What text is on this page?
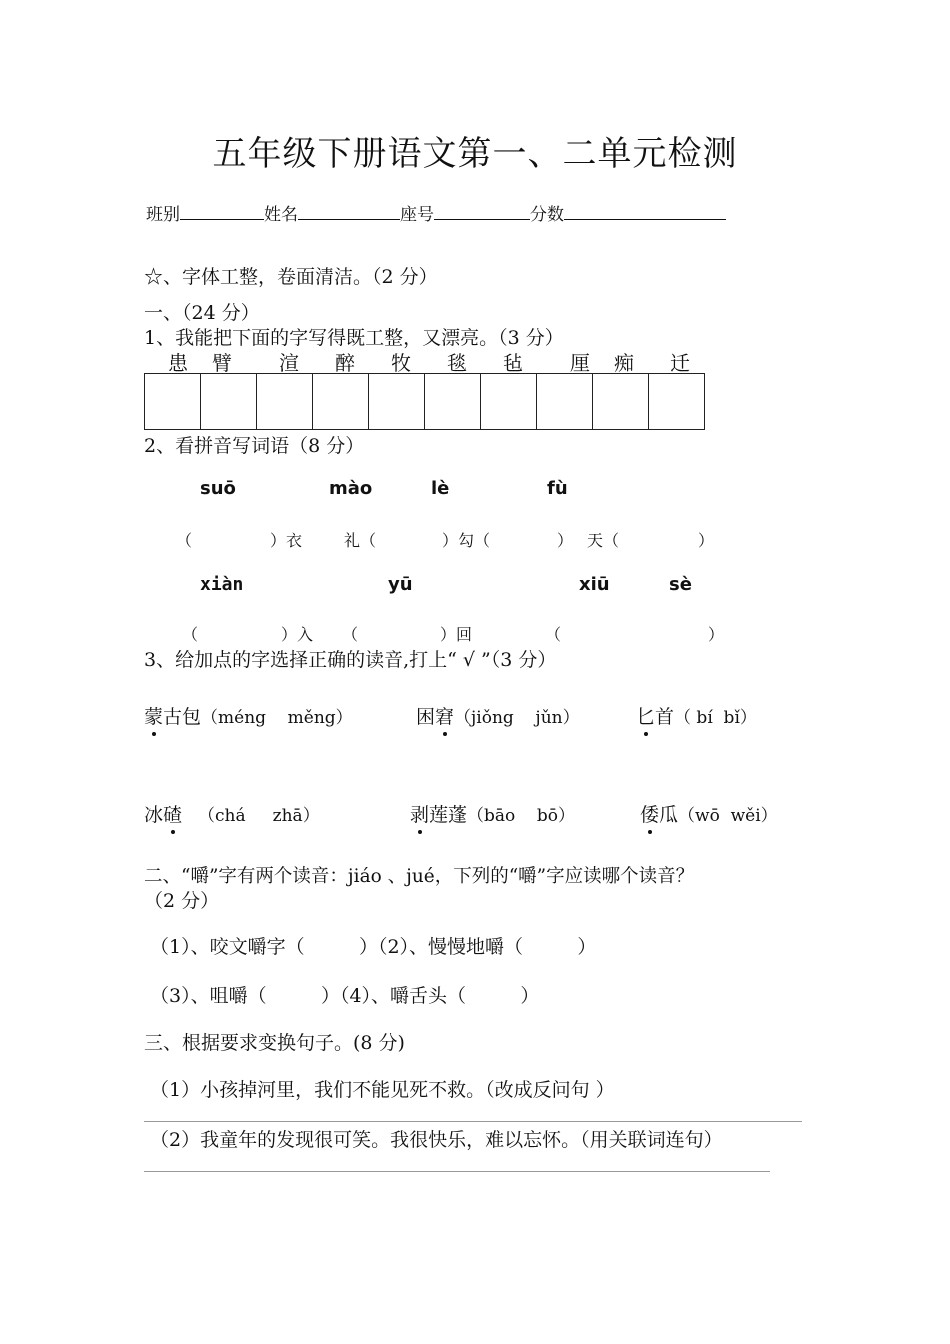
五年级下册语文第一、二单元检测
班别	姓名	座号	分数
☆、字体工整，卷面清洁。（2 分）
一、（24 分）
1、我能把下面的字写得既工整，又漂亮。（3 分）
患 臂 渲 醉 牧 毯 毡 厘 痴 迁

2、看拼音写词语（8 分）
suō	mào	lè	fù
（	）衣	礼（	）勾（	） 天（	）
xiàn	yū	xiū	sè
（	）入 （	）回	（	）
3、给加点的字选择正确的读音,打上“ √ ”（3 分）
蒙古包（méng    měng）	困窘（jiǒng    jǔn）	匕首（ bí  bǐ）
冰碴 （chá     zhā）	剥莲蓬（bāo    bō）	倭瓜（wō  wěi）
二、“嚼”字有两个读音：jiáo 、jué，下列的“嚼”字应读哪个读音？
（2 分）
（1）、咬文嚼字（         ）（2）、慢慢地嚼（         ）
（3）、咀嚼（         ）（4）、嚼舌头（         ）
三、根据要求变换句子。(8 分)
（1）小孩掉河里，我们不能见死不救。（改成反问句 ）
（2）我童年的发现很可笑。我很快乐，难以忘怀。（用关联词连句）
